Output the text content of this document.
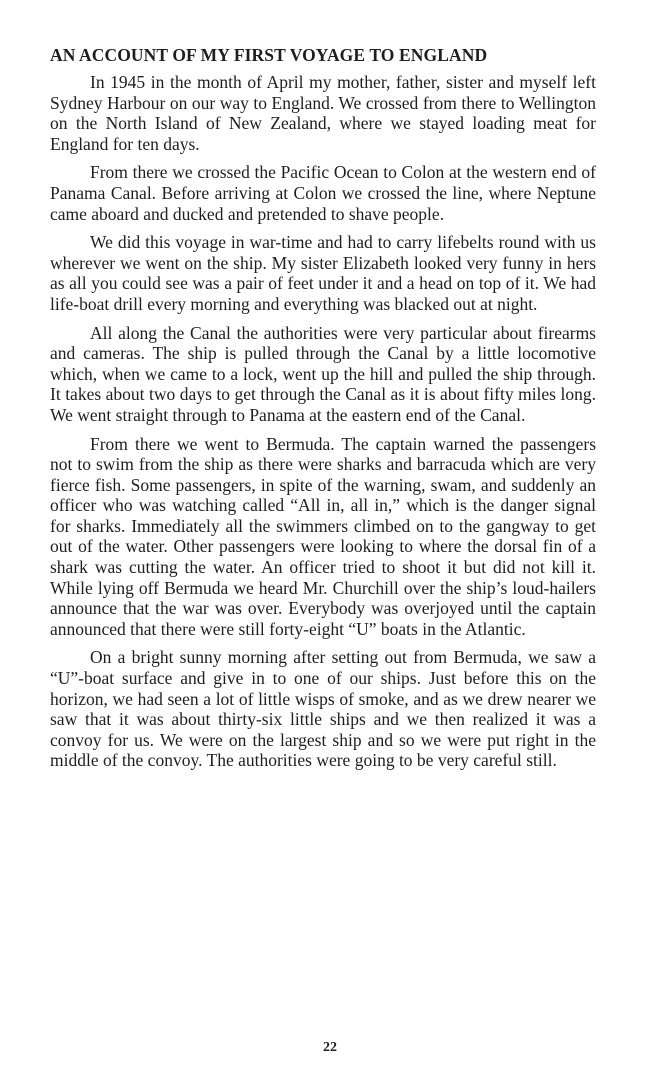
AN ACCOUNT OF MY FIRST VOYAGE TO ENGLAND

In 1945 in the month of April my mother, father, sister and myself left Sydney Harbour on our way to England. We crossed from there to Wellington on the North Island of New Zealand, where we stayed loading meat for England for ten days.

From there we crossed the Pacific Ocean to Colon at the western end of Panama Canal. Before arriving at Colon we crossed the line, where Neptune came aboard and ducked and pretended to shave people.

We did this voyage in war-time and had to carry lifebelts round with us wherever we went on the ship. My sister Elizabeth looked very funny in hers as all you could see was a pair of feet under it and a head on top of it. We had life-boat drill every morning and everything was blacked out at night.

All along the Canal the authorities were very particular about firearms and cameras. The ship is pulled through the Canal by a little locomotive which, when we came to a lock, went up the hill and pulled the ship through. It takes about two days to get through the Canal as it is about fifty miles long. We went straight through to Panama at the eastern end of the Canal.

From there we went to Bermuda. The captain warned the passengers not to swim from the ship as there were sharks and barracuda which are very fierce fish. Some passengers, in spite of the warning, swam, and suddenly an officer who was watching called “All in, all in,” which is the danger signal for sharks. Immediately all the swimmers climbed on to the gangway to get out of the water. Other passengers were looking to where the dorsal fin of a shark was cutting the water. An officer tried to shoot it but did not kill it. While lying off Bermuda we heard Mr. Churchill over the ship’s loud-hailers announce that the war was over. Everybody was overjoyed until the captain announced that there were still forty-eight “U” boats in the Atlantic.

On a bright sunny morning after setting out from Bermuda, we saw a “U”-boat surface and give in to one of our ships. Just before this on the horizon, we had seen a lot of little wisps of smoke, and as we drew nearer we saw that it was about thirty-six little ships and we then realized it was a convoy for us. We were on the largest ship and so we were put right in the middle of the convoy. The authorities were going to be very careful still.

22
